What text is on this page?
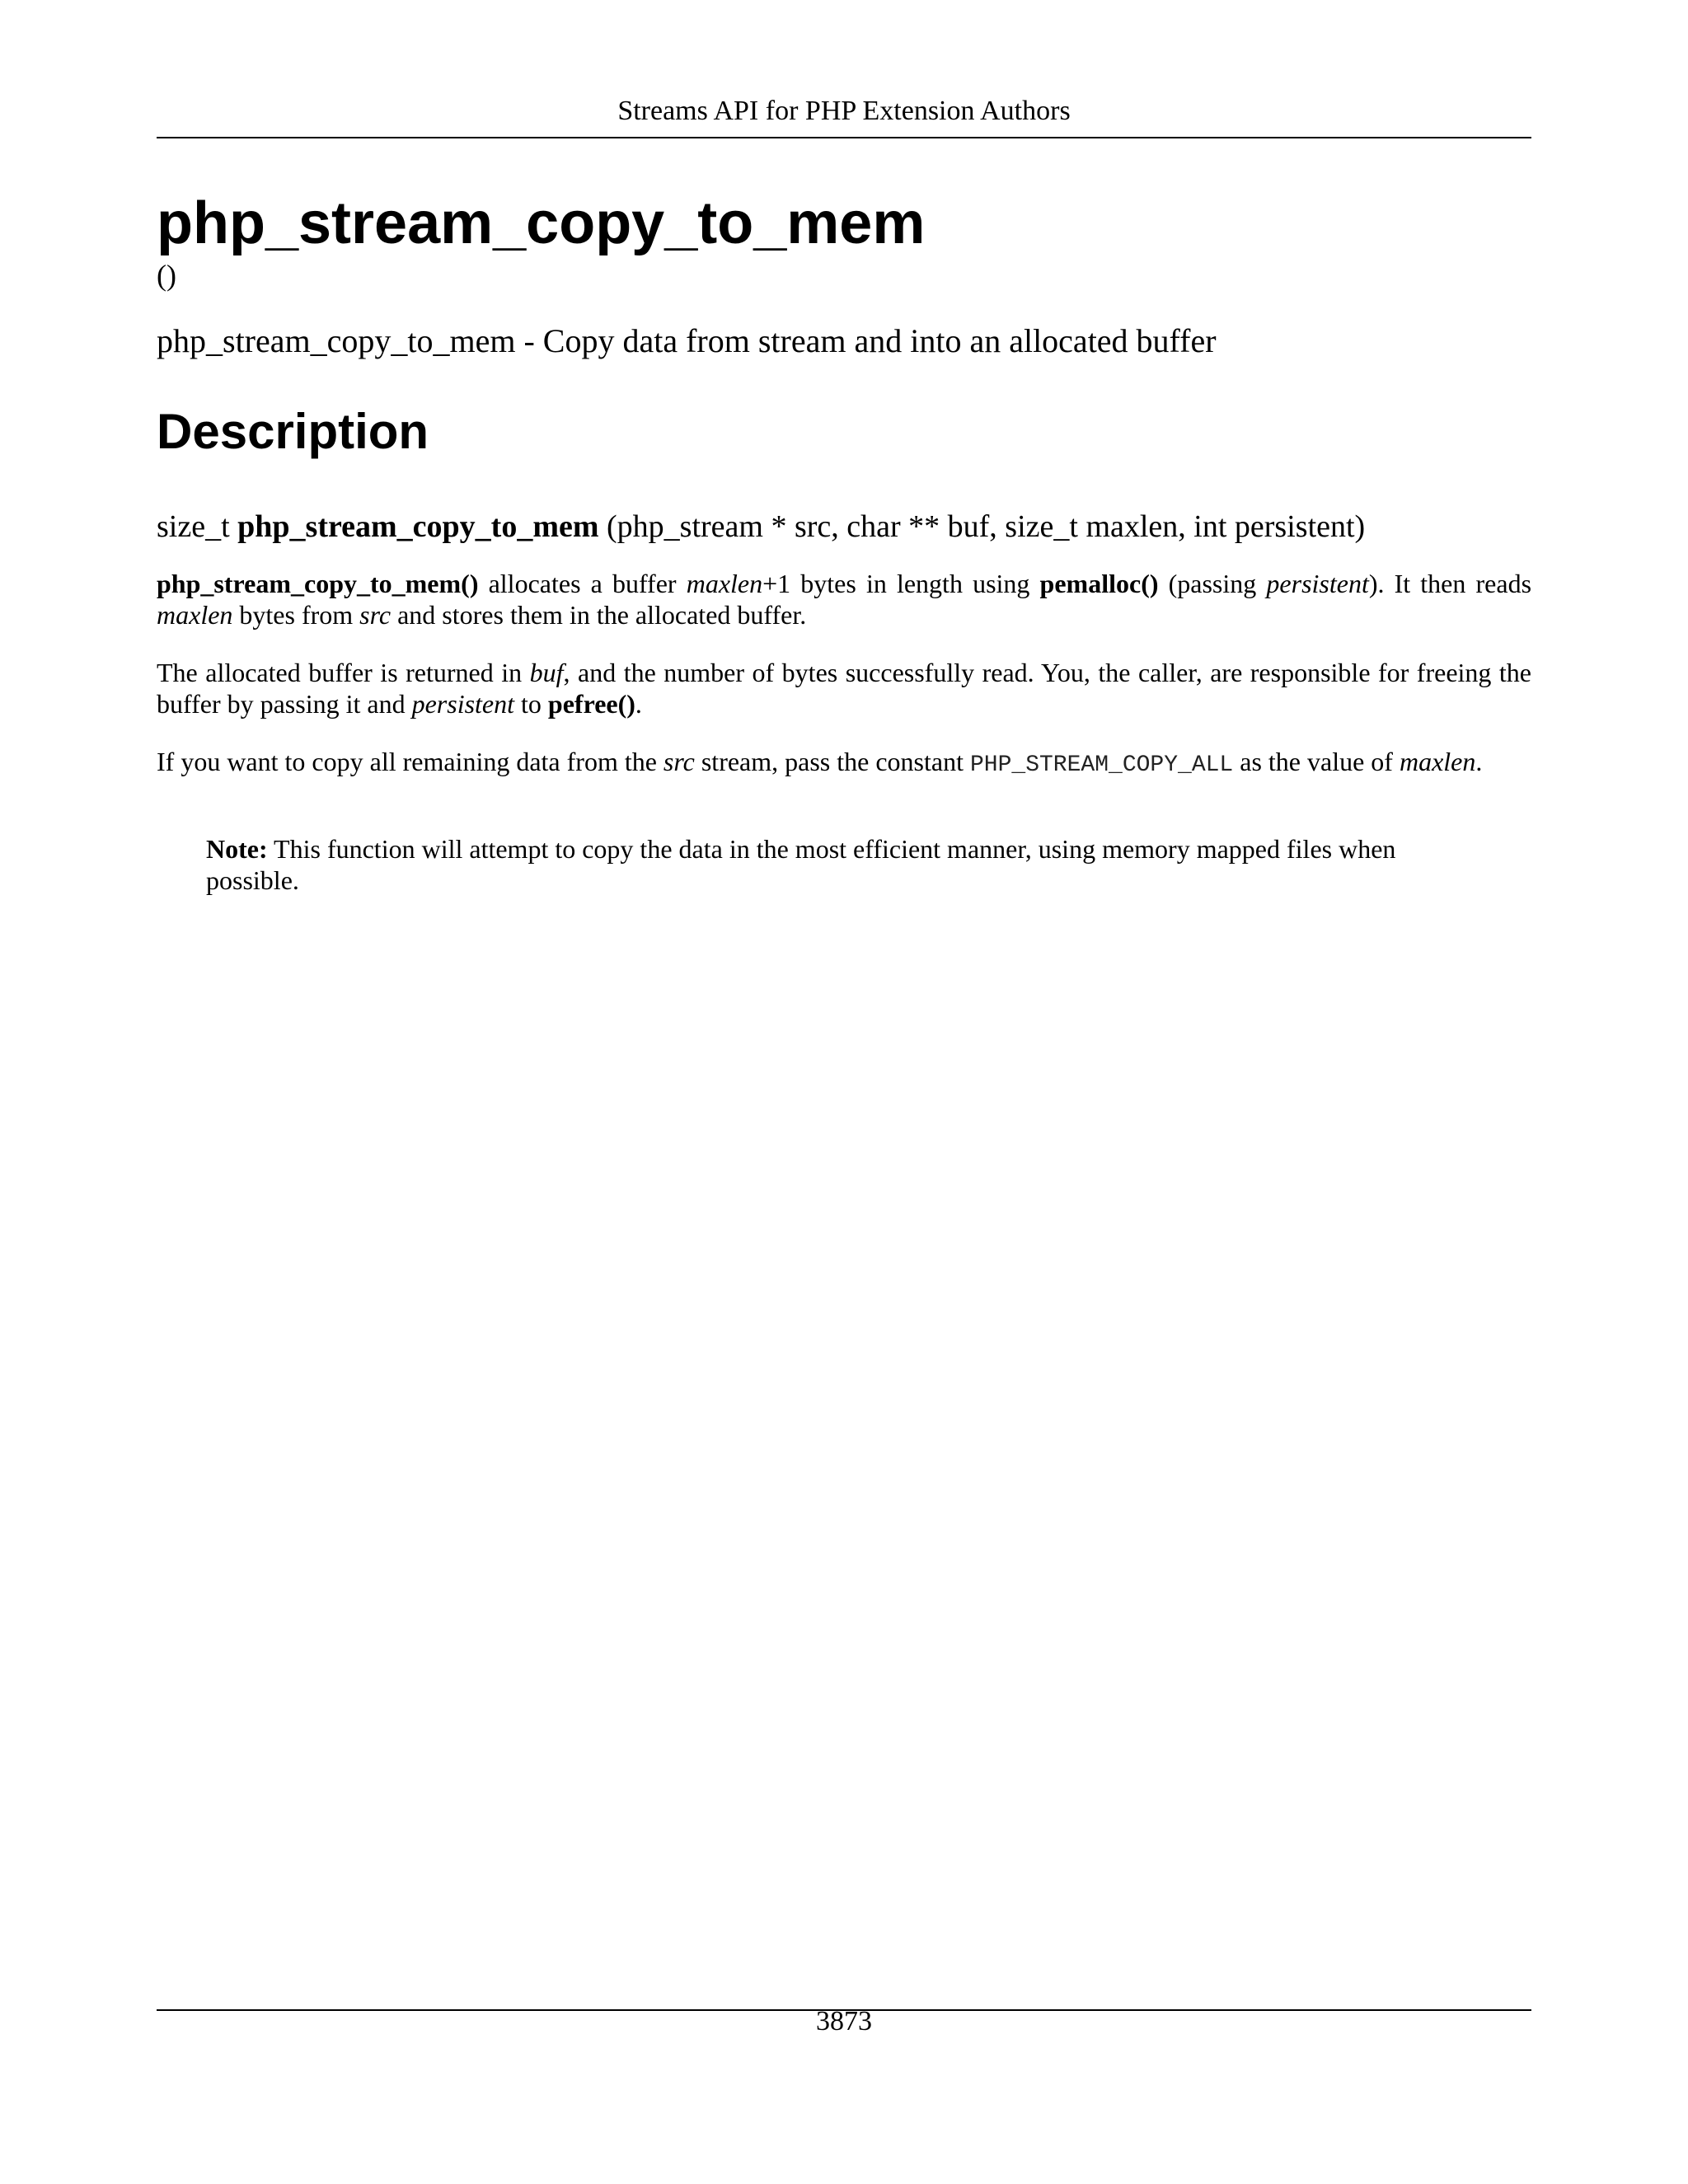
Streams API for PHP Extension Authors
php_stream_copy_to_mem
()
php_stream_copy_to_mem - Copy data from stream and into an allocated buffer
Description
size_t php_stream_copy_to_mem (php_stream * src, char ** buf, size_t maxlen, int persistent)
php_stream_copy_to_mem() allocates a buffer maxlen+1 bytes in length using pemalloc() (passing persistent). It then reads maxlen bytes from src and stores them in the allocated buffer.
The allocated buffer is returned in buf, and the number of bytes successfully read. You, the caller, are responsible for freeing the buffer by passing it and persistent to pefree().
If you want to copy all remaining data from the src stream, pass the constant PHP_STREAM_COPY_ALL as the value of maxlen.
Note: This function will attempt to copy the data in the most efficient manner, using memory mapped files when possible.
3873
